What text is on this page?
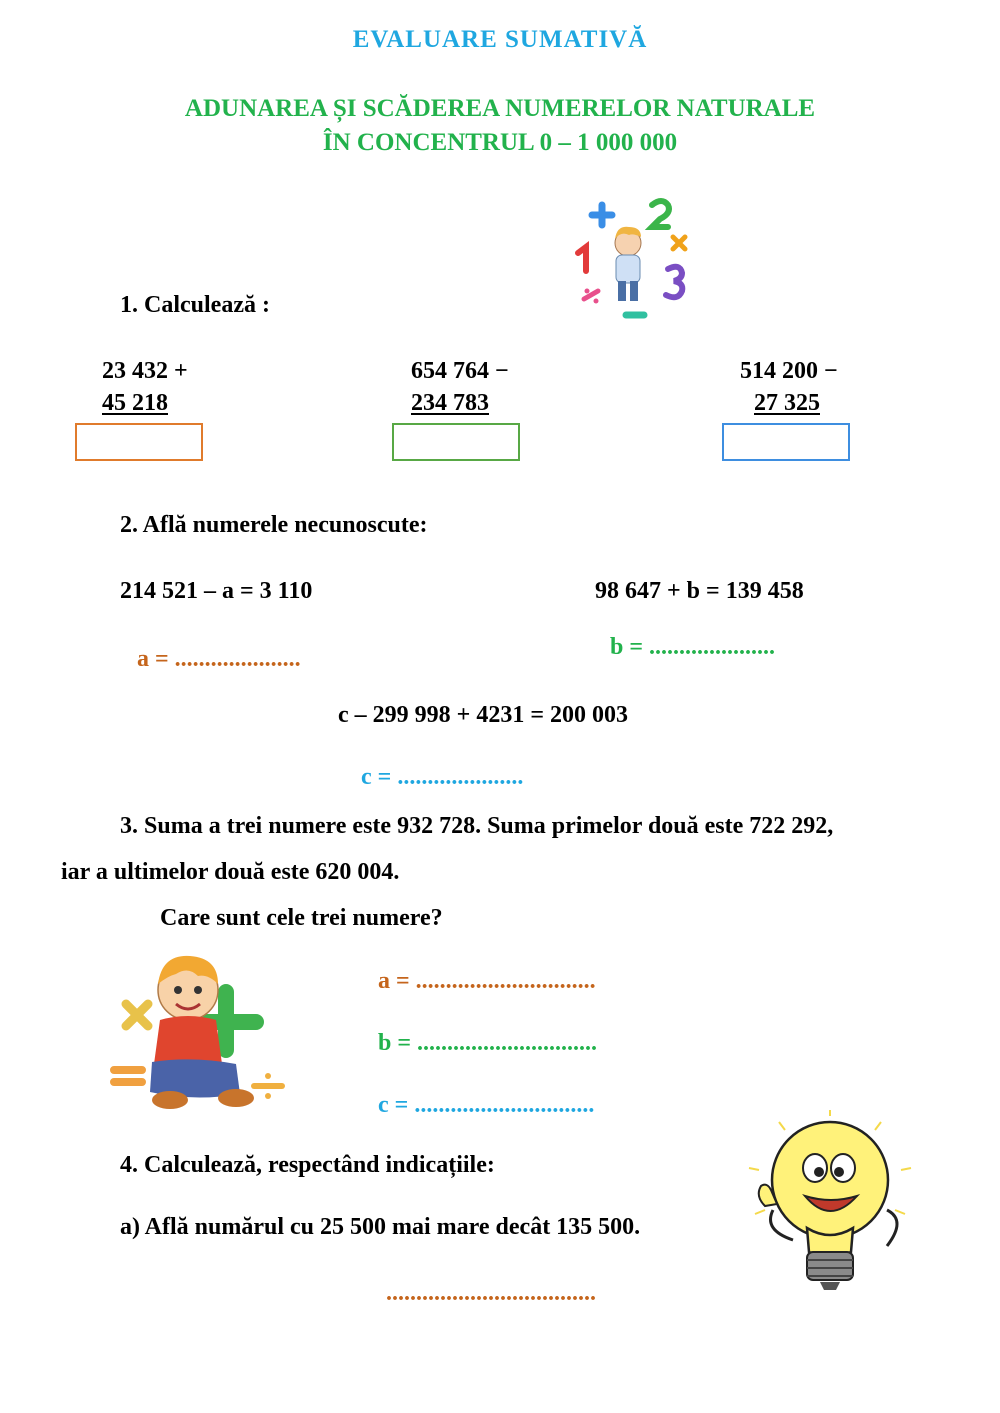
EVALUARE SUMATIVĂ
ADUNAREA ȘI SCĂDEREA NUMERELOR NATURALE
ÎN CONCENTRUL 0 – 1 000 000
1. Calculează :
23 432 +
45 218
654 764 −
234 783
514 200 −
27 325
2. Află numerele necunoscute:
214 521 – a = 3 110	98 647 + b = 139 458
b = .....................
a = .....................
c – 299 998 + 4231 = 200 003
c = .....................
3. Suma a trei numere este 932 728. Suma primelor două este 722 292,
iar a ultimelor două este 620 004.
Care sunt cele trei numere?
a = ..............................
b = ..............................
c = ..............................
4. Calculează, respectând indicațiile:
a) Află numărul cu 25 500 mai mare decât 135 500.
...................................
